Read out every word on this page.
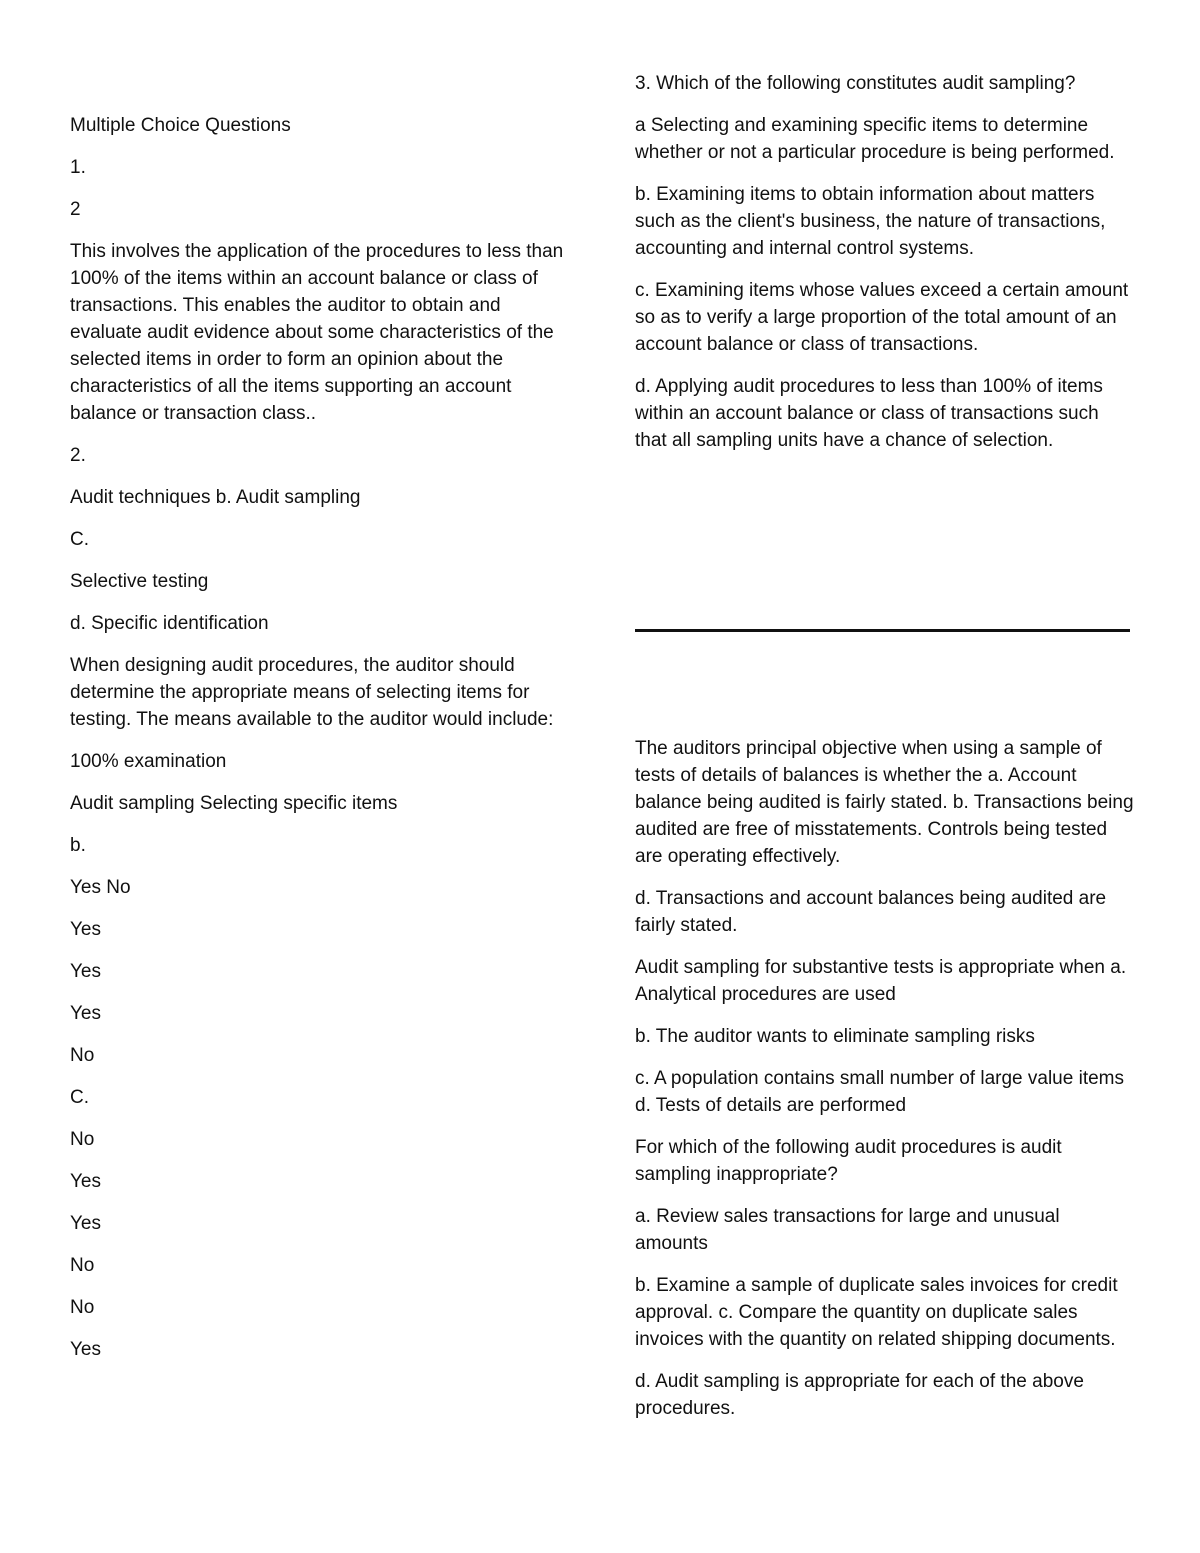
Multiple Choice Questions

1.

2

This involves the application of the procedures to less than 100% of the items within an account balance or class of transactions. This enables the auditor to obtain and evaluate audit evidence about some characteristics of the selected items in order to form an opinion about the characteristics of all the items supporting an account balance or transaction class..

2.

Audit techniques b. Audit sampling

C.

Selective testing

d. Specific identification

When designing audit procedures, the auditor should determine the appropriate means of selecting items for testing. The means available to the auditor would include:

100% examination

Audit sampling Selecting specific items

b.

Yes No

Yes

Yes

Yes

No

C.

No

Yes

Yes

No

No

Yes

3. Which of the following constitutes audit sampling?

a Selecting and examining specific items to determine whether or not a particular procedure is being performed.

b. Examining items to obtain information about matters such as the client's business, the nature of transactions, accounting and internal control systems.

c. Examining items whose values exceed a certain amount so as to verify a large proportion of the total amount of an account balance or class of transactions.

d. Applying audit procedures to less than 100% of items within an account balance or class of transactions such that all sampling units have a chance of selection.

The auditors principal objective when using a sample of tests of details of balances is whether the a. Account balance being audited is fairly stated. b. Transactions being audited are free of misstatements. Controls being tested are operating effectively.

d. Transactions and account balances being audited are fairly stated.

Audit sampling for substantive tests is appropriate when a. Analytical procedures are used

b. The auditor wants to eliminate sampling risks

c. A population contains small number of large value items d. Tests of details are performed

For which of the following audit procedures is audit sampling inappropriate?

a. Review sales transactions for large and unusual amounts

b. Examine a sample of duplicate sales invoices for credit approval. c. Compare the quantity on duplicate sales invoices with the quantity on related shipping documents.

d. Audit sampling is appropriate for each of the above procedures.
